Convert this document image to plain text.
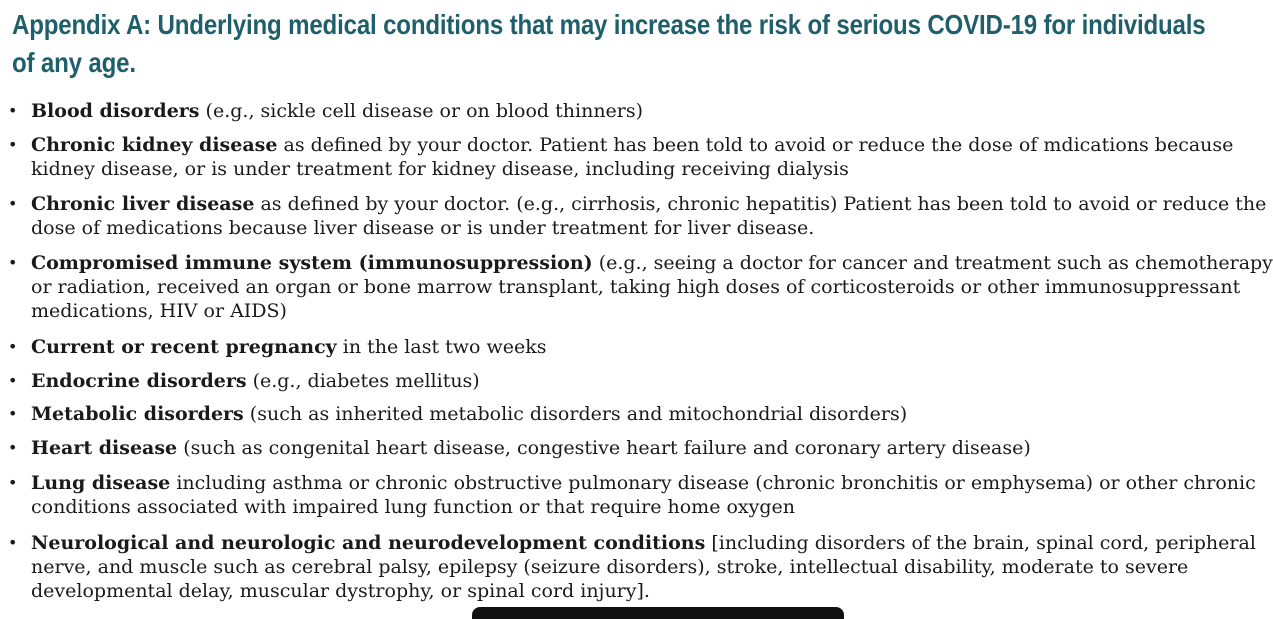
Appendix A: Underlying medical conditions that may increase the risk of serious COVID-19 for individuals
of any age.
• Blood disorders (e.g., sickle cell disease or on blood thinners)
• Chronic kidney disease as defined by your doctor. Patient has been told to avoid or reduce the dose of mdications because
kidney disease, or is under treatment for kidney disease, including receiving dialysis
• Chronic liver disease as defined by your doctor. (e.g., cirrhosis, chronic hepatitis) Patient has been told to avoid or reduce the
dose of medications because liver disease or is under treatment for liver disease.
• Compromised immune system (immunosuppression) (e.g., seeing a doctor for cancer and treatment such as chemotherapy
or radiation, received an organ or bone marrow transplant, taking high doses of corticosteroids or other immunosuppressant
medications, HIV or AIDS)
• Current or recent pregnancy in the last two weeks
• Endocrine disorders (e.g., diabetes mellitus)
• Metabolic disorders (such as inherited metabolic disorders and mitochondrial disorders)
• Heart disease (such as congenital heart disease, congestive heart failure and coronary artery disease)
• Lung disease including asthma or chronic obstructive pulmonary disease (chronic bronchitis or emphysema) or other chronic
conditions associated with impaired lung function or that require home oxygen
• Neurological and neurologic and neurodevelopment conditions [including disorders of the brain, spinal cord, peripheral
nerve, and muscle such as cerebral palsy, epilepsy (seizure disorders), stroke, intellectual disability, moderate to severe
developmental delay, muscular dystrophy, or spinal cord injury].
